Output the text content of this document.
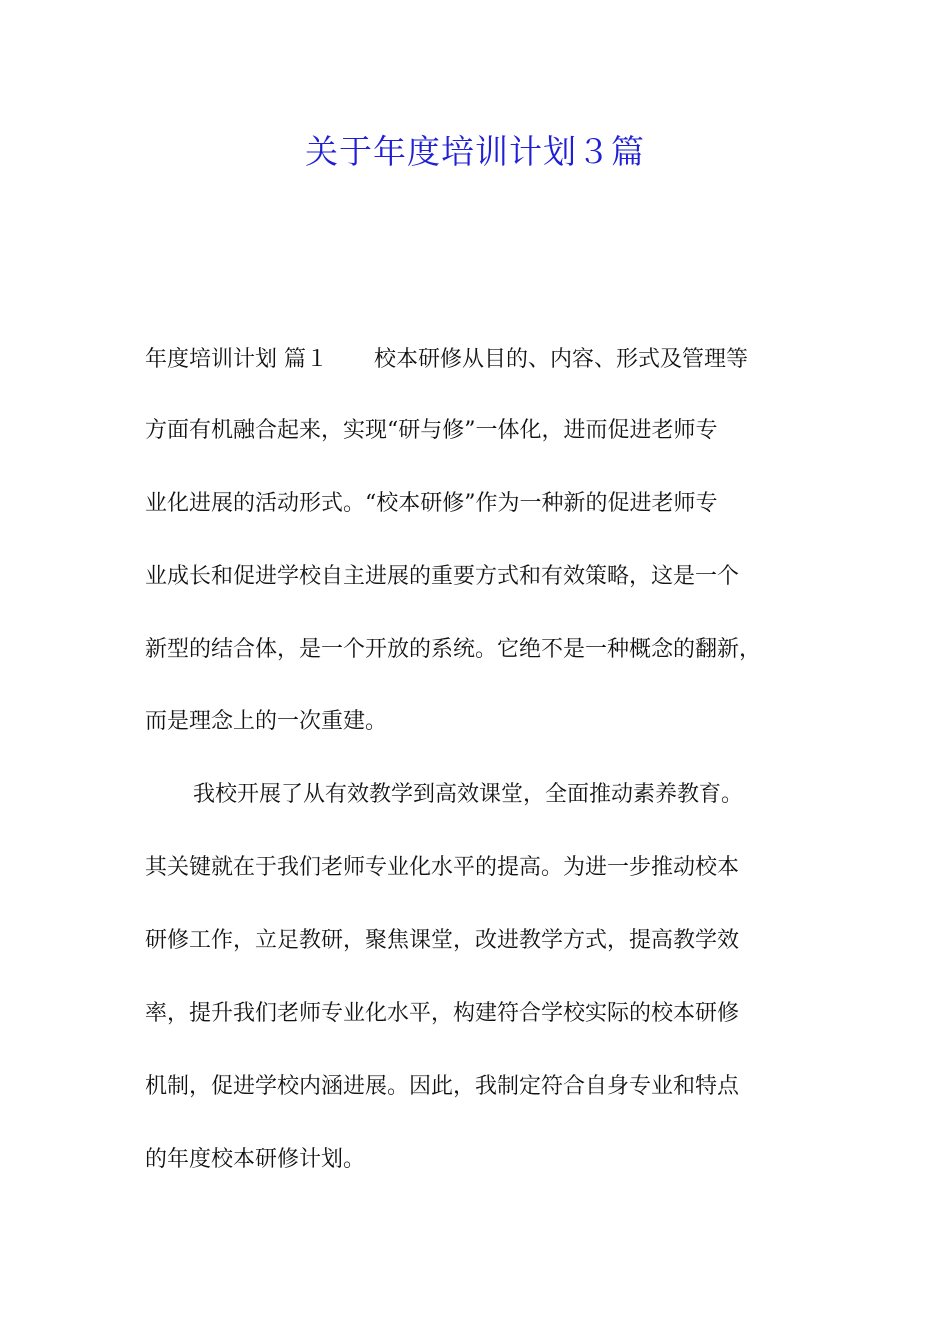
关于年度培训计划３篇

年度培训计划 篇１ 校本研修从目的、内容、形式及管理等

方面有机融合起来，实现“研与修”一体化，进而促进老师专

业化进展的活动形式。“校本研修”作为一种新的促进老师专

业成长和促进学校自主进展的重要方式和有效策略，这是一个

新型的结合体，是一个开放的系统。它绝不是一种概念的翻新，

而是理念上的一次重建。

我校开展了从有效教学到高效课堂，全面推动素养教育。

其关键就在于我们老师专业化水平的提高。为进一步推动校本

研修工作，立足教研，聚焦课堂，改进教学方式，提高教学效

率，提升我们老师专业化水平，构建符合学校实际的校本研修

机制，促进学校内涵进展。因此，我制定符合自身专业和特点

的年度校本研修计划。
